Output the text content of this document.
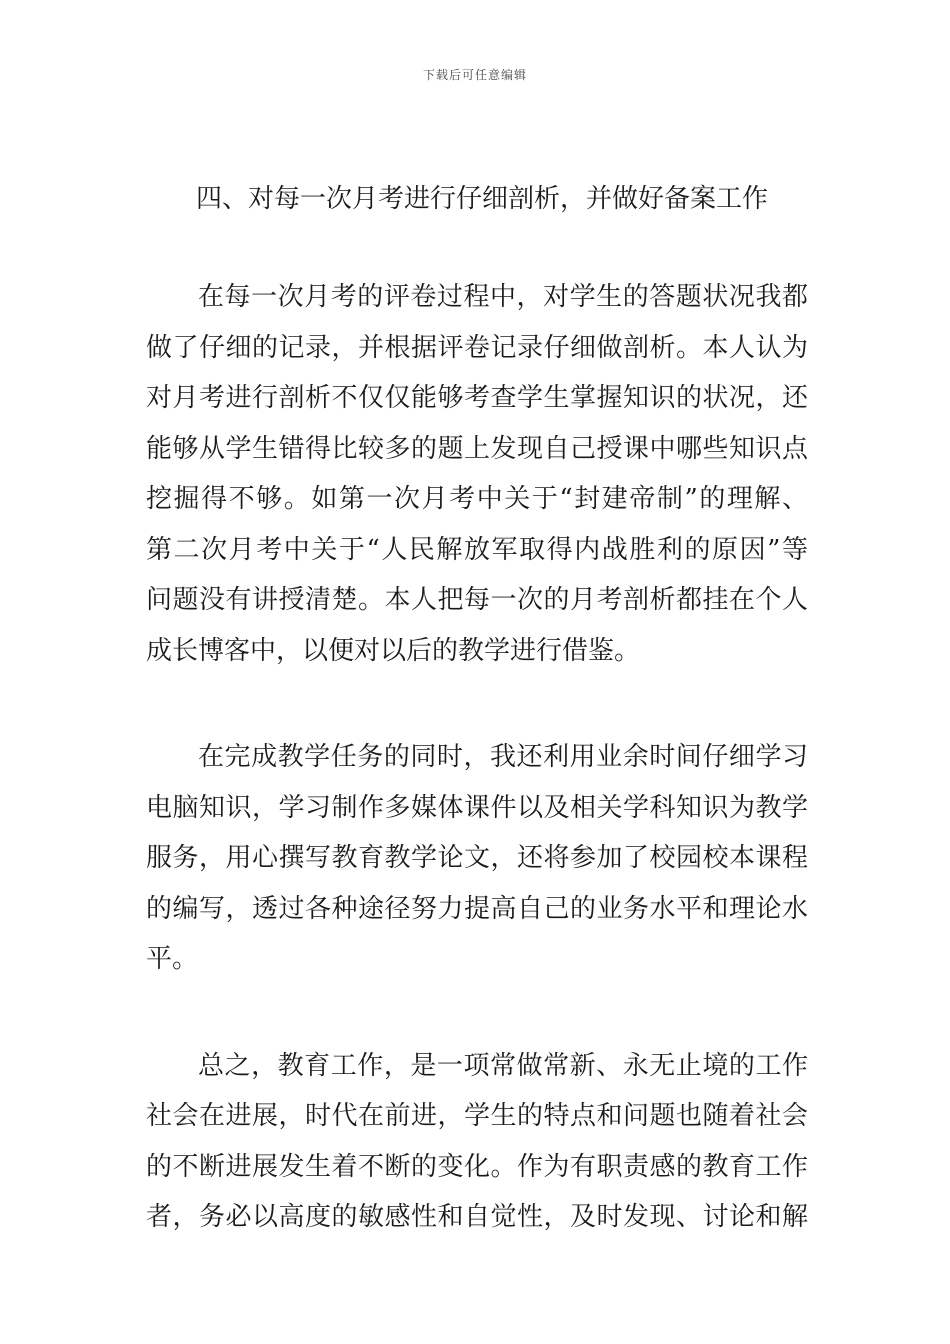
下载后可任意编辑
四、对每一次月考进行仔细剖析，并做好备案工作
在每一次月考的评卷过程中，对学生的答题状况我都
做了仔细的记录，并根据评卷记录仔细做剖析。本人认为
对月考进行剖析不仅仅能够考查学生掌握知识的状况，还
能够从学生错得比较多的题上发现自己授课中哪些知识点
挖掘得不够。如第一次月考中关于“封建帝制”的理解、
第二次月考中关于“人民解放军取得内战胜利的原因”等
问题没有讲授清楚。本人把每一次的月考剖析都挂在个人
成长博客中，以便对以后的教学进行借鉴。
在完成教学任务的同时，我还利用业余时间仔细学习
电脑知识，学习制作多媒体课件以及相关学科知识为教学
服务，用心撰写教育教学论文，还将参加了校园校本课程
的编写，透过各种途径努力提高自己的业务水平和理论水
平。
总之，教育工作，是一项常做常新、永无止境的工作
社会在进展，时代在前进，学生的特点和问题也随着社会
的不断进展发生着不断的变化。作为有职责感的教育工作
者，务必以高度的敏感性和自觉性，及时发现、讨论和解
